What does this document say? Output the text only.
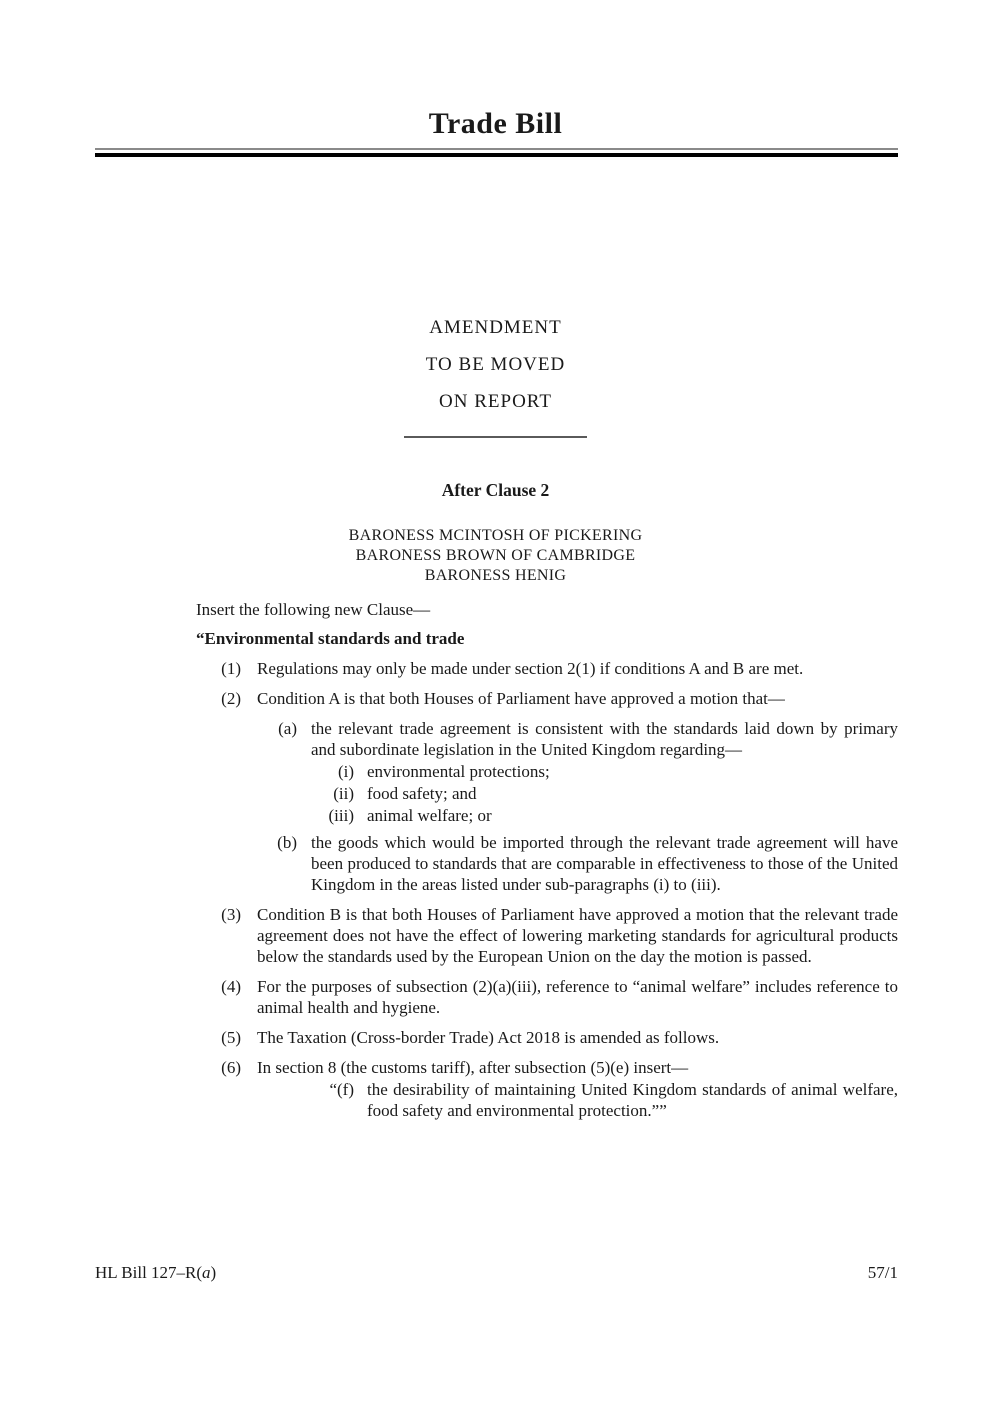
Trade Bill
AMENDMENT
TO BE MOVED
ON REPORT
After Clause 2
BARONESS MCINTOSH OF PICKERING
BARONESS BROWN OF CAMBRIDGE
BARONESS HENIG
Insert the following new Clause—
“Environmental standards and trade
(1) Regulations may only be made under section 2(1) if conditions A and B are met.
(2) Condition A is that both Houses of Parliament have approved a motion that—
(a) the relevant trade agreement is consistent with the standards laid down by primary and subordinate legislation in the United Kingdom regarding—
(i) environmental protections;
(ii) food safety; and
(iii) animal welfare; or
(b) the goods which would be imported through the relevant trade agreement will have been produced to standards that are comparable in effectiveness to those of the United Kingdom in the areas listed under sub-paragraphs (i) to (iii).
(3) Condition B is that both Houses of Parliament have approved a motion that the relevant trade agreement does not have the effect of lowering marketing standards for agricultural products below the standards used by the European Union on the day the motion is passed.
(4) For the purposes of subsection (2)(a)(iii), reference to “animal welfare” includes reference to animal health and hygiene.
(5) The Taxation (Cross-border Trade) Act 2018 is amended as follows.
(6) In section 8 (the customs tariff), after subsection (5)(e) insert—
“(f) the desirability of maintaining United Kingdom standards of animal welfare, food safety and environmental protection.””
HL Bill 127–R(a)	57/1
